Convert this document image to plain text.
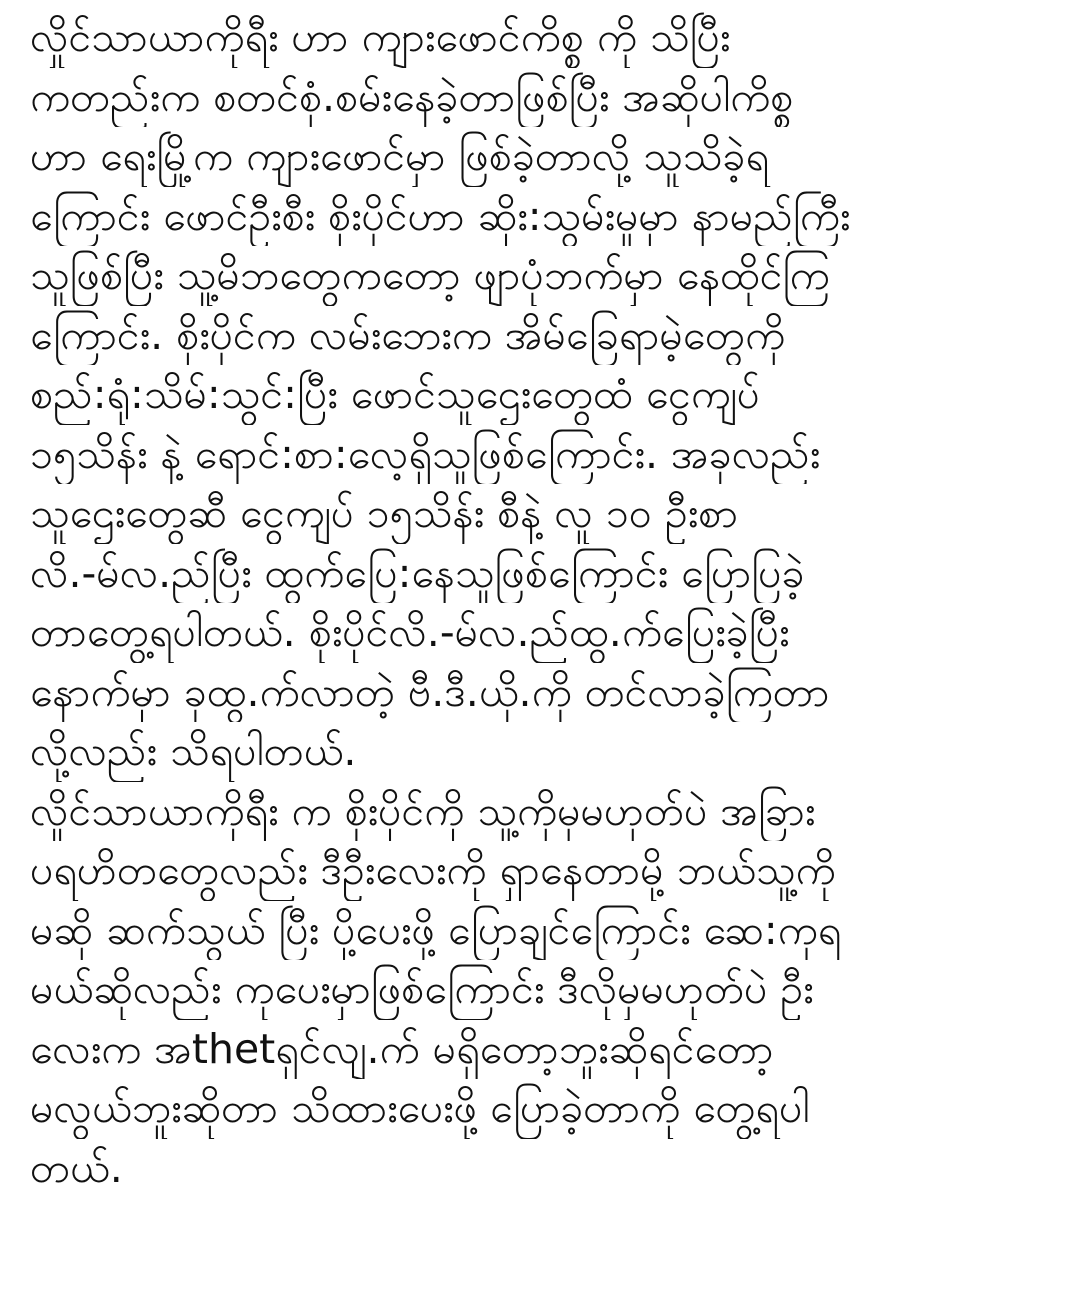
လှိုင်သာယာကိုရီး ဟာ ကျားဖောင်ကိစ္စ ကို သိပြီး
ကတည်းက စတင်စုံ.စမ်းနေခဲ့တာဖြစ်ပြီး အဆိုပါကိစ္စ
ဟာ ရေးမြို့က ကျားဖောင်မှာ ဖြစ်ခဲ့တာလို့ သူသိခဲ့ရ
ကြောင်း ဖောင်ဦးစီး စိုးပိုင်ဟာ ဆိုး:သွမ်းမှုမှာ နာမည်ကြီး
သူဖြစ်ပြီး သူ့မိဘတွေကတော့ ဖျာပုံဘက်မှာ နေထိုင်ကြ
ကြောင်း. စိုးပိုင်က လမ်းဘေးက အိမ်ခြေရာမဲ့တွေကို
စည်:ရုံ:သိမ်:သွင်:ပြီး ဖောင်သူဌေးတွေထံ ငွေကျပ်
၁၅သိန်း နဲ့ ရောင်:စာ:လေ့ရှိသူဖြစ်ကြောင်း. အခုလည်း
သူဌေးတွေဆီ ငွေကျပ် ၁၅သိန်း စီနဲ့ လူ ၁၀ ဦးစာ
လိ.-မ်လ.ည်ပြီး ထွက်ပြေ:နေသူဖြစ်ကြောင်း ပြောပြခဲ့
တာတွေ့ရပါတယ်. စိုးပိုင်လိ.-မ်လ.ည်ထွ.က်ပြေးခဲ့ပြီး
နောက်မှာ ခုထွ.က်လာတဲ့ ဗီ.ဒီ.ယို.ကို တင်လာခဲ့ကြတာ
လို့လည်း သိရပါတယ်.
လှိုင်သာယာကိုရီး က စိုးပိုင်ကို သူ့ကိုမှမဟုတ်ပဲ အခြား
ပရဟိတတွေလည်း ဒီဦးလေးကို ရှာနေတာမို့ ဘယ်သူ့ကို
မဆို ဆက်သွယ် ပြီး ပို့ပေးဖို့ ပြောချင်ကြောင်း ဆေ:ကုရ
မယ်ဆိုလည်း ကုပေးမှာဖြစ်ကြောင်း ဒီလိုမှမဟုတ်ပဲ ဦး
လေးက အthetရှင်လျ.က် မရှိတော့ဘူးဆိုရင်တော့
မလွယ်ဘူးဆိုတာ သိထားပေးဖို့ ပြောခဲ့တာကို တွေ့ရပါ
တယ်.
